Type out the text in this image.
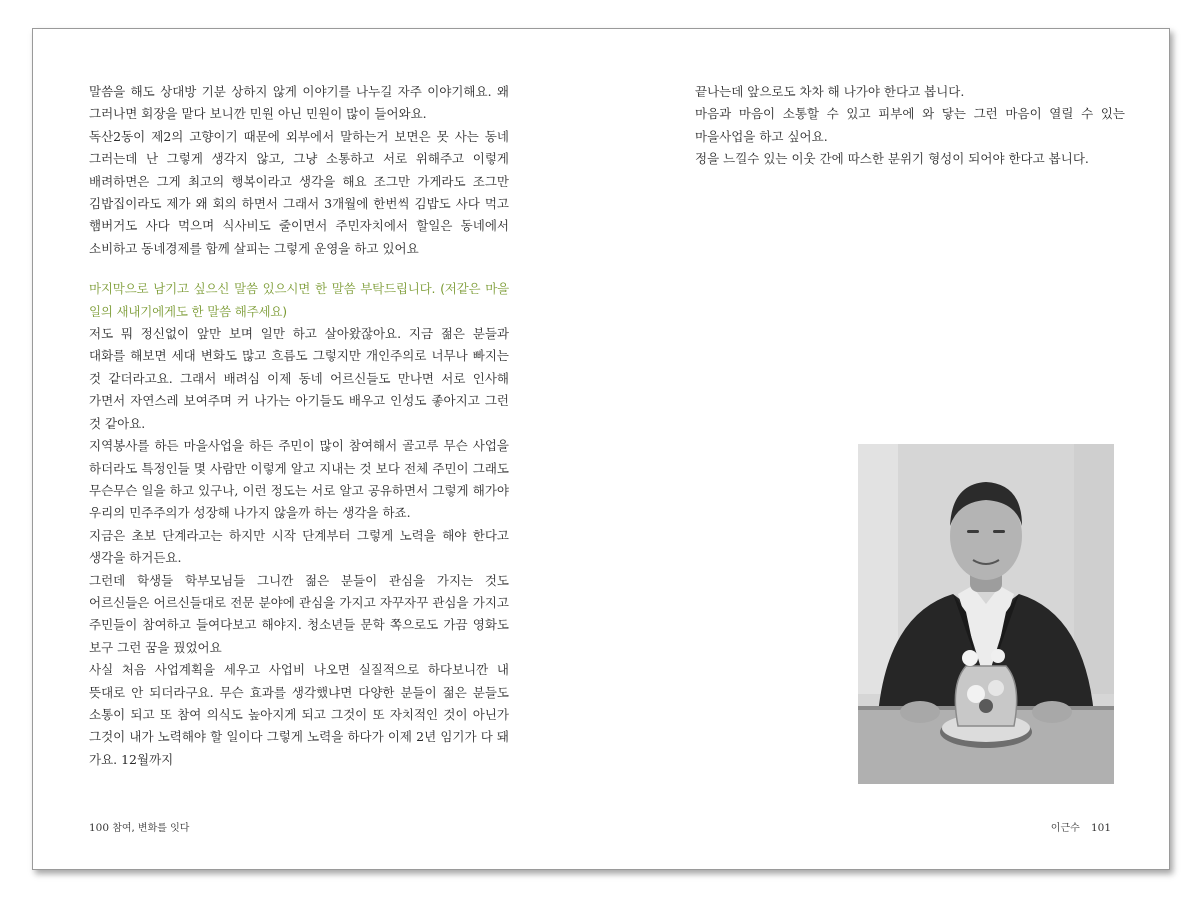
말씀을 해도 상대방 기분 상하지 않게 이야기를 나누길 자주 이야기해요. 왜 그러나면 회장을 맡다 보니깐 민원 아닌 민원이 많이 들어와요.

독산2동이 제2의 고향이기 때문에 외부에서 말하는거 보면은 못 사는 동네 그러는데 난 그렇게 생각지 않고, 그냥 소통하고 서로 위해주고 이렇게 배려하면은 그게 최고의 행복이라고 생각을 해요 조그만 가게라도 조그만 김밥집이라도 제가 왜 회의 하면서 그래서 3개월에 한번씩 김밥도 사다 먹고 햄버거도 사다 먹으며 식사비도 줄이면서 주민자치에서 할일은 동네에서 소비하고 동네경제를 함께 살피는 그렇게 운영을 하고 있어요

마지막으로 남기고 싶으신 말씀 있으시면 한 말씀 부탁드립니다. (저같은 마을 일의 새내기에게도 한 말씀 해주세요)

저도 뭐 정신없이 앞만 보며 일만 하고 살아왔잖아요. 지금 젊은 분들과 대화를 해보면 세대 변화도 많고 흐름도 그렇지만 개인주의로 너무나 빠지는 것 같더라고요. 그래서 배려심 이제 동네 어르신들도 만나면 서로 인사해 가면서 자연스레 보여주며 커 나가는 아기들도 배우고 인성도 좋아지고 그런 것 같아요.

지역봉사를 하든 마을사업을 하든 주민이 많이 참여해서 골고루 무슨 사업을 하더라도 특정인들 몇 사람만 이렇게 알고 지내는 것 보다 전체 주민이 그래도 무슨무슨 일을 하고 있구나, 이런 정도는 서로 알고 공유하면서 그렇게 해가야 우리의 민주주의가 성장해 나가지 않을까 하는 생각을 하죠.

지금은 초보 단계라고는 하지만 시작 단계부터 그렇게 노력을 해야 한다고 생각을 하거든요.

그런데 학생들 학부모님들 그니깐 젊은 분들이 관심을 가지는 것도 어르신들은 어르신들대로 전문 분야에 관심을 가지고 자꾸자꾸 관심을 가지고 주민들이 참여하고 들여다보고 해야지. 청소년들 문학 쪽으로도 가끔 영화도 보구 그런 꿈을 꿨었어요

사실 처음 사업계획을 세우고 사업비 나오면 실질적으로 하다보니깐 내 뜻대로 안 되더라구요. 무슨 효과를 생각했냐면 다양한 분들이 젊은 분들도 소통이 되고 또 참여 의식도 높아지게 되고 그것이 또 자치적인 것이 아닌가 그것이 내가 노력해야 할 일이다 그렇게 노력을 하다가 이제 2년 임기가 다 돼 가요. 12월까지

끝나는데 앞으로도 차차 해 나가야 한다고 봅니다.

마음과 마음이 소통할 수 있고 피부에 와 닿는 그런 마음이 열릴 수 있는 마을사업을 하고 싶어요.

정을 느낄수 있는 이웃 간에 따스한 분위기 형성이 되어야 한다고 봅니다.

100 참여, 변화를 잇다	이근수 101
